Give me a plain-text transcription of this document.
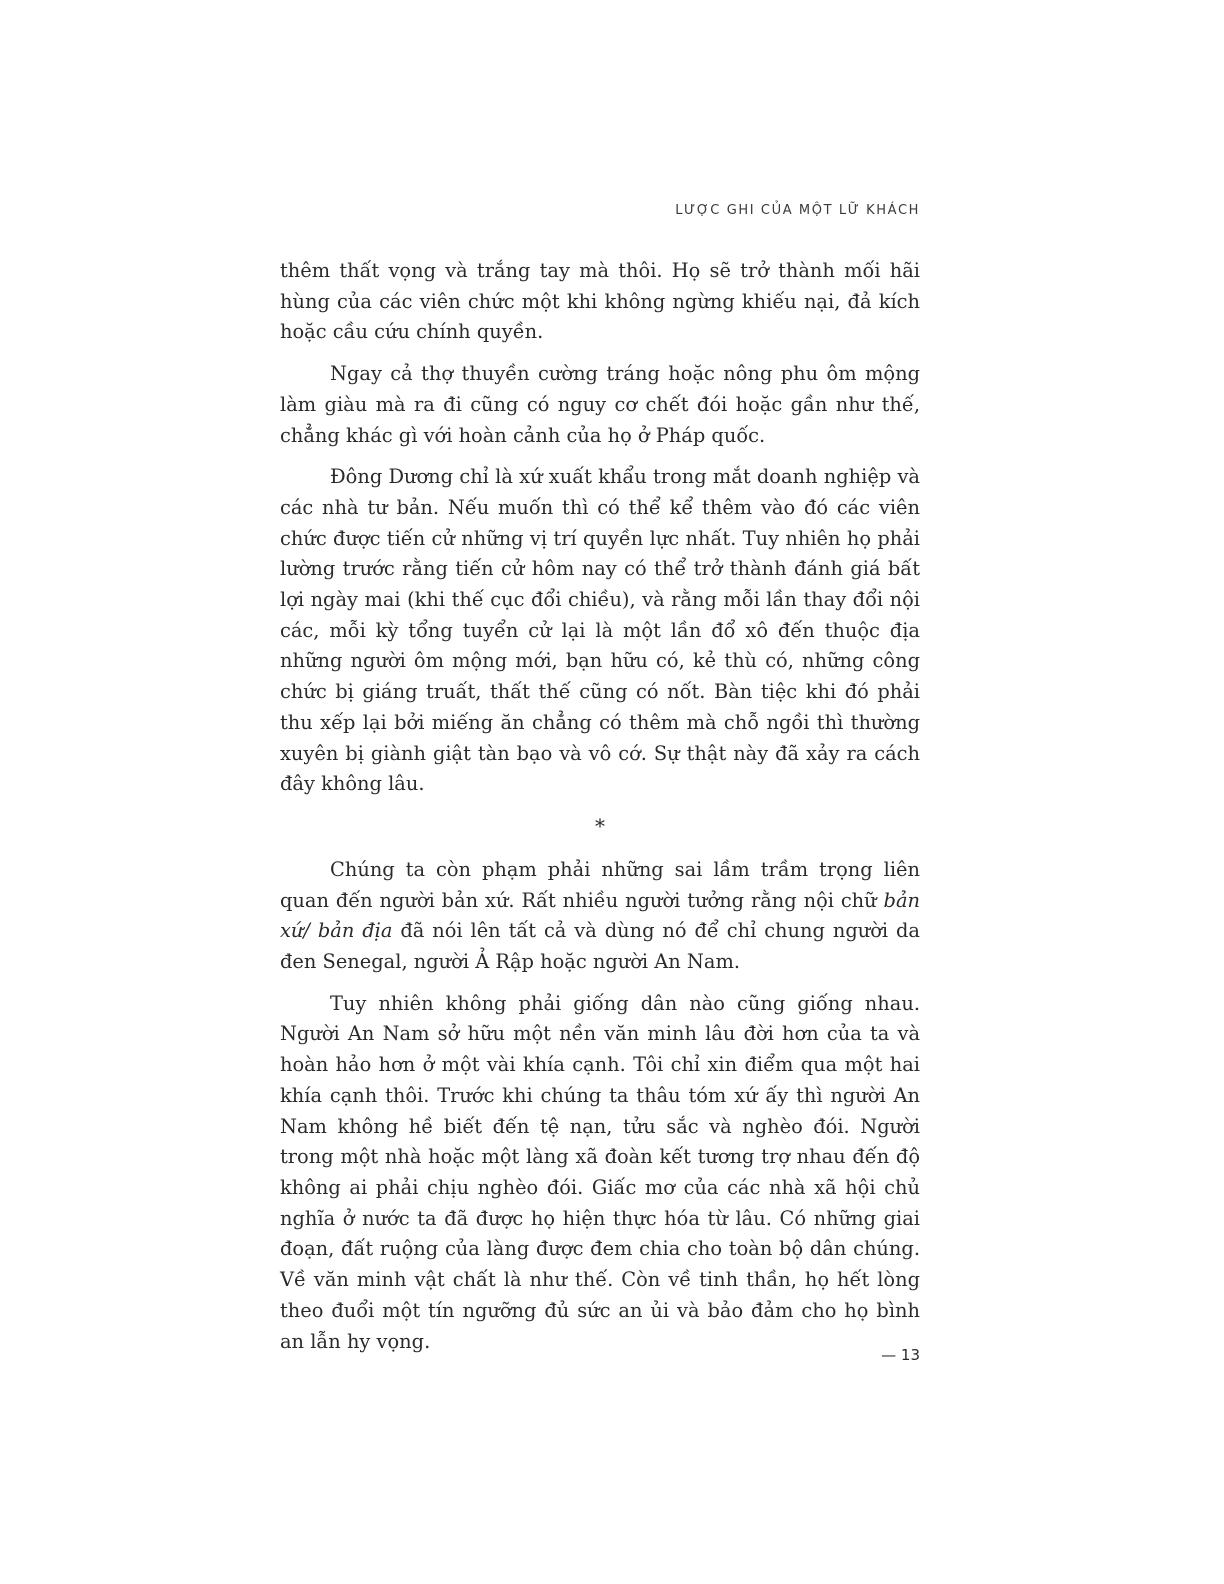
LƯỢC GHI CỦA MỘT LỮ KHÁCH

thêm thất vọng và trắng tay mà thôi. Họ sẽ trở thành mối hãi hùng của các viên chức một khi không ngừng khiếu nại, đả kích hoặc cầu cứu chính quyền.

Ngay cả thợ thuyền cường tráng hoặc nông phu ôm mộng làm giàu mà ra đi cũng có nguy cơ chết đói hoặc gần như thế, chẳng khác gì với hoàn cảnh của họ ở Pháp quốc.

Đông Dương chỉ là xứ xuất khẩu trong mắt doanh nghiệp và các nhà tư bản. Nếu muốn thì có thể kể thêm vào đó các viên chức được tiến cử những vị trí quyền lực nhất. Tuy nhiên họ phải lường trước rằng tiến cử hôm nay có thể trở thành đánh giá bất lợi ngày mai (khi thế cục đổi chiều), và rằng mỗi lần thay đổi nội các, mỗi kỳ tổng tuyển cử lại là một lần đổ xô đến thuộc địa những người ôm mộng mới, bạn hữu có, kẻ thù có, những công chức bị giáng truất, thất thế cũng có nốt. Bàn tiệc khi đó phải thu xếp lại bởi miếng ăn chẳng có thêm mà chỗ ngồi thì thường xuyên bị giành giật tàn bạo và vô cớ. Sự thật này đã xảy ra cách đây không lâu.

*

Chúng ta còn phạm phải những sai lầm trầm trọng liên quan đến người bản xứ. Rất nhiều người tưởng rằng nội chữ bản xứ/ bản địa đã nói lên tất cả và dùng nó để chỉ chung người da đen Senegal, người Ả Rập hoặc người An Nam.

Tuy nhiên không phải giống dân nào cũng giống nhau. Người An Nam sở hữu một nền văn minh lâu đời hơn của ta và hoàn hảo hơn ở một vài khía cạnh. Tôi chỉ xin điểm qua một hai khía cạnh thôi. Trước khi chúng ta thâu tóm xứ ấy thì người An Nam không hề biết đến tệ nạn, tửu sắc và nghèo đói. Người trong một nhà hoặc một làng xã đoàn kết tương trợ nhau đến độ không ai phải chịu nghèo đói. Giấc mơ của các nhà xã hội chủ nghĩa ở nước ta đã được họ hiện thực hóa từ lâu. Có những giai đoạn, đất ruộng của làng được đem chia cho toàn bộ dân chúng. Về văn minh vật chất là như thế. Còn về tinh thần, họ hết lòng theo đuổi một tín ngưỡng đủ sức an ủi và bảo đảm cho họ bình an lẫn hy vọng.

— 13
